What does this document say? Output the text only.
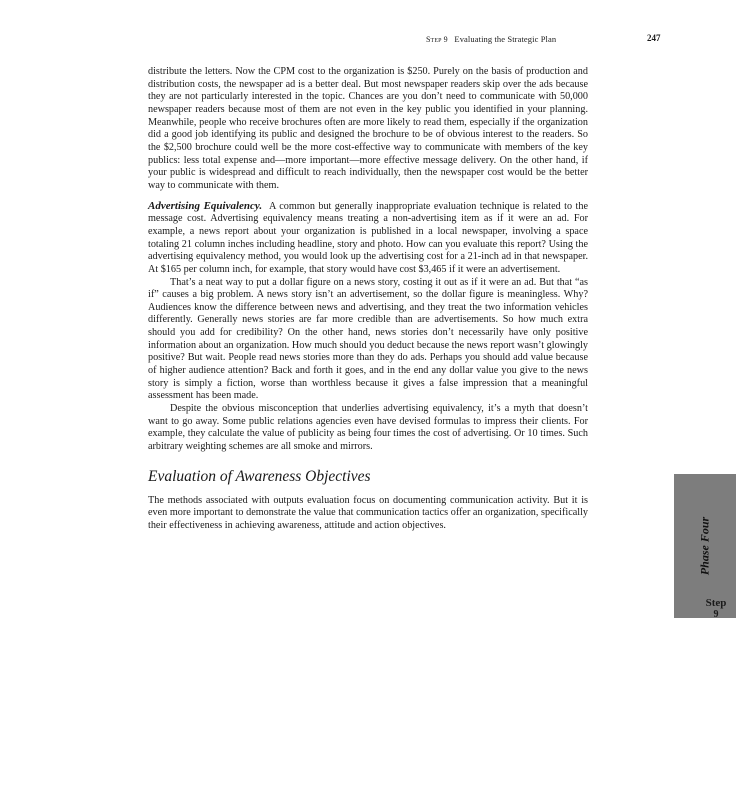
Step 9 Evaluating the Strategic Plan	247

distribute the letters. Now the CPM cost to the organization is $250. Purely on the basis of production and distribution costs, the newspaper ad is a better deal. But most newspaper readers skip over the ads because they are not particularly interested in the topic. Chances are you don’t need to communicate with 50,000 newspaper readers because most of them are not even in the key public you identified in your planning. Meanwhile, people who receive brochures often are more likely to read them, especially if the organization did a good job identifying its public and designed the brochure to be of obvious interest to the readers. So the $2,500 brochure could well be the more cost-effective way to communicate with members of the key publics: less total expense and—more important—more effective message delivery. On the other hand, if your public is widespread and difficult to reach individually, then the newspaper cost would be the better way to communicate with them.

Advertising Equivalency. A common but generally inappropriate evaluation technique is related to the message cost. Advertising equivalency means treating a non-advertising item as if it were an ad. For example, a news report about your organization is published in a local newspaper, involving a space totaling 21 column inches including headline, story and photo. How can you evaluate this report? Using the advertising equivalency method, you would look up the advertising cost for a 21-inch ad in that newspaper. At $165 per column inch, for example, that story would have cost $3,465 if it were an advertisement.

That’s a neat way to put a dollar figure on a news story, costing it out as if it were an ad. But that “as if” causes a big problem. A news story isn’t an advertisement, so the dollar figure is meaningless. Why? Audiences know the difference between news and advertising, and they treat the two information vehicles differently. Generally news stories are far more credible than are advertisements. So how much extra should you add for credibility? On the other hand, news stories don’t necessarily have only positive information about an organization. How much should you deduct because the news report wasn’t glowingly positive? But wait. People read news stories more than they do ads. Perhaps you should add value because of higher audience attention? Back and forth it goes, and in the end any dollar value you give to the news story is simply a fiction, worse than worthless because it gives a false impression that a meaningful assessment has been made.

Despite the obvious misconception that underlies advertising equivalency, it’s a myth that doesn’t want to go away. Some public relations agencies even have devised formulas to impress their clients. For example, they calculate the value of publicity as being four times the cost of advertising. Or 10 times. Such arbitrary weighting schemes are all smoke and mirrors.

Evaluation of Awareness Objectives

The methods associated with outputs evaluation focus on documenting communication activity. But it is even more important to demonstrate the value that communication tactics offer an organization, specifically their effectiveness in achieving awareness, attitude and action objectives.	Phase Four
Step
9
